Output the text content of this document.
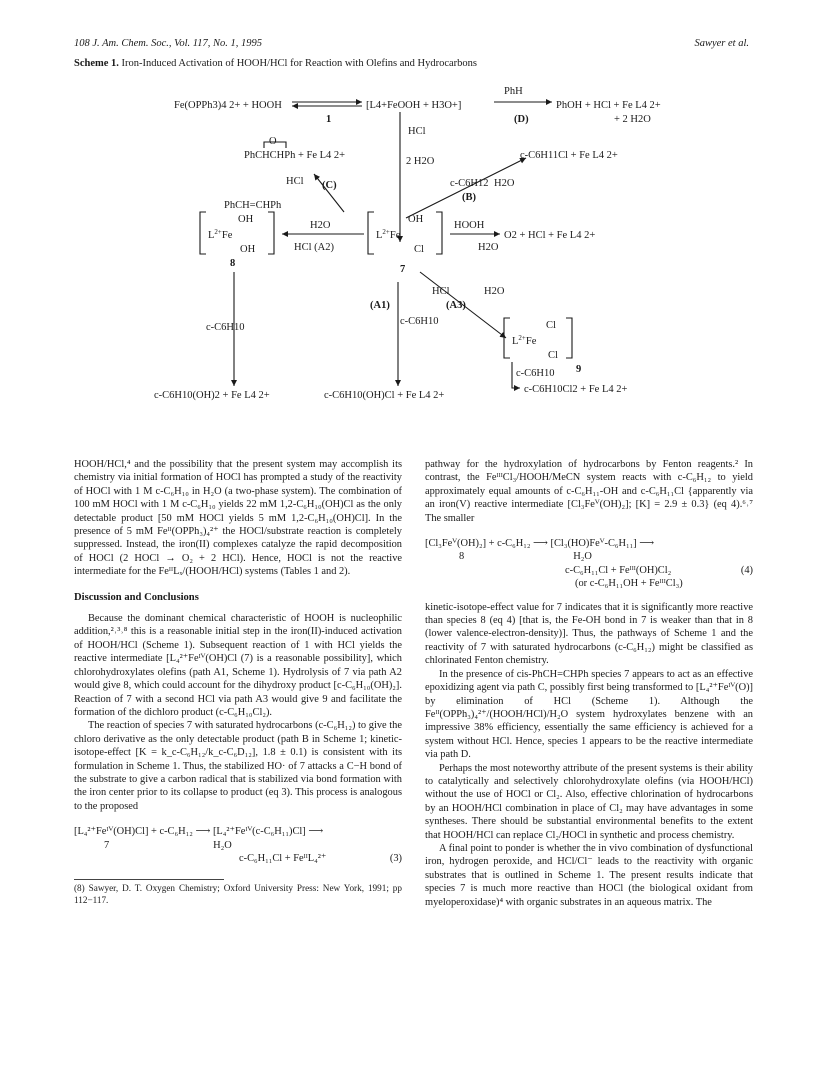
108 J. Am. Chem. Soc., Vol. 117, No. 1, 1995	Sawyer et al.
Scheme 1. Iron-Induced Activation of HOOH/HCl for Reaction with Olefins and Hydrocarbons
Fe(OPPh3)4 2+ + HOOH	[L4+FeOOH + H3O+]
1
PhH
PhOH + HCl + Fe L4 2+
+ 2 H2O
(D)
HCl
O
PhCHCHPh + Fe L4 2+
HCl (C)
PhCH=CHPh
2 H2O
c-C6H11Cl + Fe L4 2+
c-C6H12 H2O
(B)
$L^{2+}Fe$
OH
OH
8
H2O
HCl (A2)
$L^{2+}Fe$
OH
Cl
7
HOOH
O2 + HCl + Fe L4 2+
H2O
HCl	H2O
(A3)
$L^{2+}Fe$
Cl
Cl
9
(A1)
c-C6H10
c-C6H10
c-C6H10
c-C6H10(OH)2 + Fe L4 2+	c-C6H10(OH)Cl + Fe L4 2+
c-C6H10Cl2 + Fe L4 2+

HOOH/HCl,⁴ and the possibility that the present system may accomplish its chemistry via initial formation of HOCl has prompted a study of the reactivity of HOCl with 1 M c-C₆H₁₀ in H₂O (a two-phase system). The combination of 100 mM HOCl with 1 M c-C₆H₁₀ yields 22 mM 1,2-C₆H₁₀(OH)Cl as the only detectable product [50 mM HOCl yields 5 mM 1,2-C₆H₁₀(OH)Cl]. In the presence of 5 mM Feᴵᴵ(OPPh₃)₄²⁺ the HOCl/substrate reaction is completely suppressed. Instead, the iron(II) complexes catalyze the rapid decomposition of HOCl (2 HOCl → O₂ + 2 HCl). Hence, HOCl is not the reactive intermediate for the FeᴵᴵLₓ/(HOOH/HCl) systems (Tables 1 and 2).

Discussion and Conclusions

Because the dominant chemical characteristic of HOOH is nucleophilic addition,²˒³˒⁸ this is a reasonable initial step in the iron(II)-induced activation of HOOH/HCl (Scheme 1). Subsequent reaction of 1 with HCl yields the reactive intermediate [L₄²⁺Feᴵⱽ(OH)Cl (7) is a reasonable possibility], which chlorohydroxylates olefins (path A1, Scheme 1). Hydrolysis of 7 via path A2 would give 8, which could account for the dihydroxy product [c-C₆H₁₀(OH)₂]. Reaction of 7 with a second HCl via path A3 would give 9 and facilitate the formation of the dichloro product (c-C₆H₁₀Cl₂).

The reaction of species 7 with saturated hydrocarbons (c-C₆H₁₂) to give the chloro derivative as the only detectable product (path B in Scheme 1; kinetic-isotope-effect [K = k_c-C₆H₁₂/k_c-C₆D₁₂], 1.8 ± 0.1) is consistent with its formulation in Scheme 1. Thus, the stabilized HO· of 7 attacks a C−H bond of the substrate to give a carbon radical that is stabilized via bond formation with the iron center prior to its collapse to product (eq 3). This process is analogous to the proposed

[L₄²⁺Feᴵⱽ(OH)Cl] + c-C₆H₁₂ ⟶ [L₄²⁺Feᴵⱽ(c-C₆H₁₁)Cl] ⟶
7                                        H₂O
c-C₆H₁₁Cl + FeᴵᴵL₄²⁺	(3)
(8) Sawyer, D. T. Oxygen Chemistry; Oxford University Press: New York, 1991; pp 112−117.

pathway for the hydroxylation of hydrocarbons by Fenton reagents.² In contrast, the FeᴵᴵᴵCl₃/HOOH/MeCN system reacts with c-C₆H₁₂ to yield approximately equal amounts of c-C₆H₁₁-OH and c-C₆H₁₁Cl {apparently via an iron(V) reactive intermediate [Cl₃Feⱽ(OH)₂]; [K] = 2.9 ± 0.3} (eq 4).⁶˒⁷ The smaller

[Cl₃Feⱽ(OH)₂] + c-C₆H₁₂ ⟶ [Cl₃(HO)Feⱽ-C₆H₁₁] ⟶
8                                          H₂O
c-C₆H₁₁Cl + Feᴵᴵᴵ(OH)Cl₂	(4)
(or c-C₆H₁₁OH + FeᴵᴵᴵCl₃)

kinetic-isotope-effect value for 7 indicates that it is significantly more reactive than species 8 (eq 4) [that is, the Fe-OH bond in 7 is weaker than that in 8 (lower valence-electron-density)]. Thus, the pathways of Scheme 1 and the reactivity of 7 with saturated hydrocarbons (c-C₆H₁₂) might be classified as chlorinated Fenton chemistry.

In the presence of cis-PhCH=CHPh species 7 appears to act as an effective epoxidizing agent via path C, possibly first being transformed to [L₄²⁺Feᴵⱽ(O)] by elimination of HCl (Scheme 1). Although the Feᴵᴵ(OPPh₃)₄²⁺/(HOOH/HCl)/H₂O system hydroxylates benzene with an impressive 38% efficiency, essentially the same efficiency is achieved for a system without HCl. Hence, species 1 appears to be the reactive intermediate via path D.

Perhaps the most noteworthy attribute of the present systems is their ability to catalytically and selectively chlorohydroxylate olefins (via HOOH/HCl) without the use of HOCl or Cl₂. Also, effective chlorination of hydrocarbons by an HOOH/HCl combination in place of Cl₂ may have advantages in some syntheses. There should be substantial environmental benefits to the extent that HOOH/HCl can replace Cl₂/HOCl in synthetic and process chemistry.

A final point to ponder is whether the in vivo combination of dysfunctional iron, hydrogen peroxide, and HCl/Cl⁻ leads to the reactivity with organic substrates that is outlined in Scheme 1. The present results indicate that species 7 is much more reactive than HOCl (the biological oxidant from myeloperoxidase)⁴ with organic substrates in an aqueous matrix. The
